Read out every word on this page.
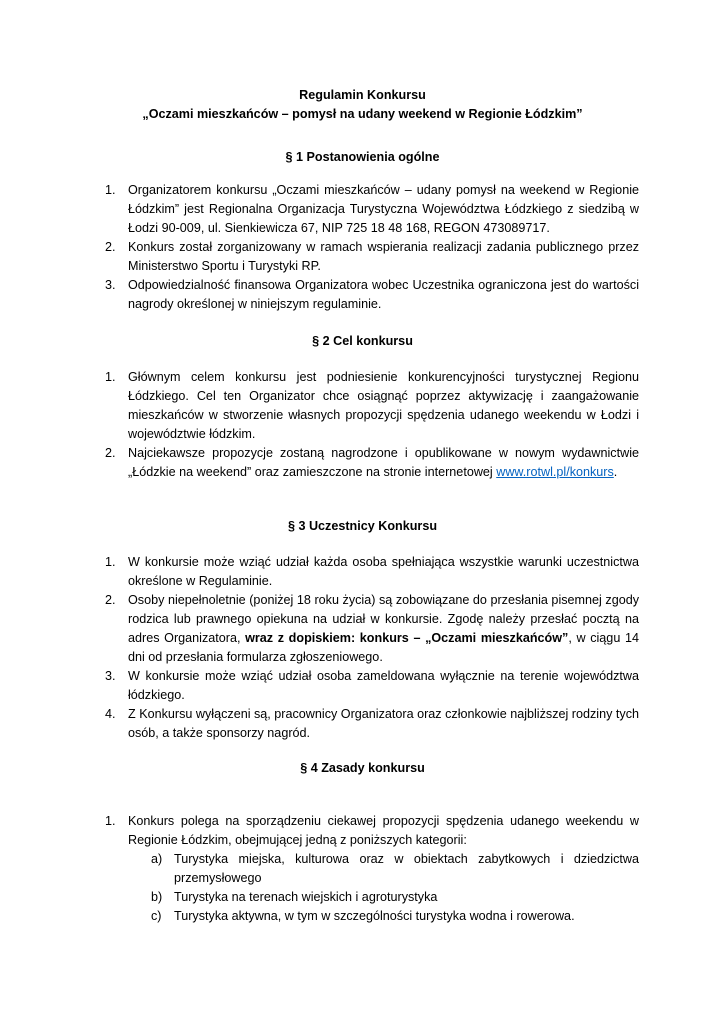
Regulamin Konkursu
„Oczami mieszkańców – pomysł na udany weekend w Regionie Łódzkim”
§ 1 Postanowienia ogólne
1. Organizatorem konkursu „Oczami mieszkańców – udany pomysł na weekend w Regionie Łódzkim” jest Regionalna Organizacja Turystyczna Województwa Łódzkiego z siedzibą w Łodzi 90-009, ul. Sienkiewicza 67, NIP 725 18 48 168, REGON 473089717.
2. Konkurs został zorganizowany w ramach wspierania realizacji zadania publicznego przez Ministerstwo Sportu i Turystyki RP.
3. Odpowiedzialność finansowa Organizatora wobec Uczestnika ograniczona jest do wartości nagrody określonej w niniejszym regulaminie.
§ 2 Cel konkursu
1. Głównym celem konkursu jest podniesienie konkurencyjności turystycznej Regionu Łódzkiego. Cel ten Organizator chce osiągnąć poprzez aktywizację i zaangażowanie mieszkańców w stworzenie własnych propozycji spędzenia udanego weekendu w Łodzi i województwie łódzkim.
2. Najciekawsze propozycje zostaną nagrodzone i opublikowane w nowym wydawnictwie „Łódzkie na weekend” oraz zamieszczone na stronie internetowej www.rotwl.pl/konkurs.
§ 3 Uczestnicy Konkursu
1. W konkursie może wziąć udział każda osoba spełniająca wszystkie warunki uczestnictwa określone w Regulaminie.
2. Osoby niepełnoletnie (poniżej 18 roku życia) są zobowiązane do przesłania pisemnej zgody rodzica lub prawnego opiekuna na udział w konkursie. Zgodę należy przesłać pocztą na adres Organizatora, wraz z dopiskiem: konkurs – „Oczami mieszkańców”, w ciągu 14 dni od przesłania formularza zgłoszeniowego.
3. W konkursie może wziąć udział osoba zameldowana wyłącznie na terenie województwa łódzkiego.
4. Z Konkursu wyłączeni są, pracownicy Organizatora oraz członkowie najbliższej rodziny tych osób, a także sponsorzy nagród.
§ 4 Zasady konkursu
1. Konkurs polega na sporządzeniu ciekawej propozycji spędzenia udanego weekendu w Regionie Łódzkim, obejmującej jedną z poniższych kategorii:
a) Turystyka miejska, kulturowa oraz w obiektach zabytkowych i dziedzictwa przemysłowego
b) Turystyka na terenach wiejskich i agroturystyka
c) Turystyka aktywna, w tym w szczególności turystyka wodna i rowerowa.
